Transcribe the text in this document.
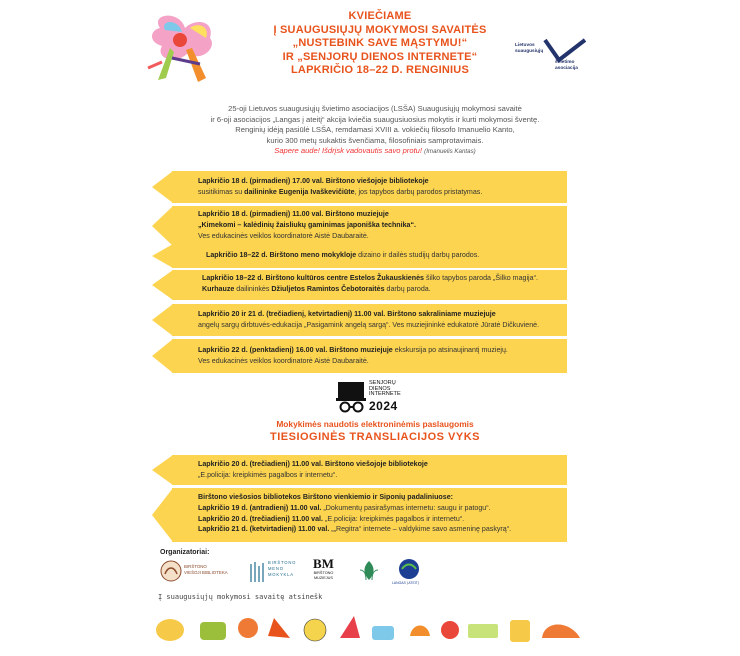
KVIEČIAME
Į SUAUGUSIŲJŲ MOKYMOSI SAVAITĖS
„NUSTEBINK SAVE MĄSTYMU!“
IR „SENJORŲ DIENOS INTERNETE“
LAPKRIČIO 18–22 D. RENGINIUS
Lietuvos
suaugusiųjų
švietimo
asociacija
25-oji Lietuvos suaugusiųjų švietimo asociacijos (LSŠA) Suaugusiųjų mokymosi savaitė
ir 6-oji asociacijos „Langas į ateitį“ akcija kviečia suaugusiuosius mokytis ir kurti mokymosi šventę.
Renginių idėją pasiūlė LSŠA, remdamasi XVIII a. vokiečių filosofo Imanuelio Kanto,
kurio 300 metų sukaktis švenčiama, filosofiniais samprotavimais.
Sapere aude! Išdrįsk vadovautis savo protu! (Imanuelis Kantas)
Lapkričio 18 d. (pirmadienį) 17.00 val. Birštono viešojoje bibliotekoje
susitikimas su dailininke Eugenija Ivaškevičiūte, jos tapybos darbų parodos pristatymas.
Lapkričio 18 d. (pirmadienį) 11.00 val. Birštono muziejuje
„Kimekomi – kalėdinių žaisliukų gaminimas japoniška technika“.
Ves edukacinės veiklos koordinatorė Aistė Daubaraitė.
Lapkričio 18–22 d. Birštono meno mokykloje dizaino ir dailės studijų darbų parodos.
Lapkričio 18–22 d. Birštono kultūros centre Estelos Žukauskienės šilko tapybos paroda „Šilko magija“.
Kurhauze dailininkės Džiuljetos Ramintos Čebotoraitės darbų paroda.
Lapkričio 20 ir 21 d. (trečiadienį, ketvirtadienį) 11.00 val. Birštono sakraliniame muziejuje
angelų sargų dirbtuvės-edukacija „Pasigamink angelą sargą“. Ves muziejininkė edukatorė Jūratė Dičkuvienė.
Lapkričio 22 d. (penktadienį) 16.00 val. Birštono muziejuje ekskursija po atsinaujinantį muziejų.
Ves edukacinės veiklos koordinatorė Aistė Daubaraitė.
SENJORŲ
DIENOS
INTERNETE
2024
Mokykimės naudotis elektroninėmis paslaugomis
TIESIOGINĖS TRANSLIACIJOS VYKS
Lapkričio 20 d. (trečiadienį) 11.00 val. Birštono viešojoje bibliotekoje
„E.policija: kreipkimės pagalbos ir internetu“.
Birštono viešosios bibliotekos Birštono vienkiemio ir Siponių padaliniuose:
Lapkričio 19 d. (antradienį) 11.00 val. „Dokumentų pasirašymas internetu: saugu ir patogu“.
Lapkričio 20 d. (trečiadienį) 11.00 val. „E.policija: kreipkimės pagalbos ir internetu“.
Lapkričio 21 d. (ketvirtadienį) 11.00 val. „„Regitra“ internete – valdykime savo asmeninę paskyrą“.
Organizatoriai:
BIRŠTONO
VIEŠOJI BIBLIOTEKA
BIRŠTONO
MENO
MOKYKLA
BM
BIRŠTONO
MUZIEJUS
LANGAS Į ATEITĮ
Į suaugusiųjų mokymosi savaitę atsinešk
